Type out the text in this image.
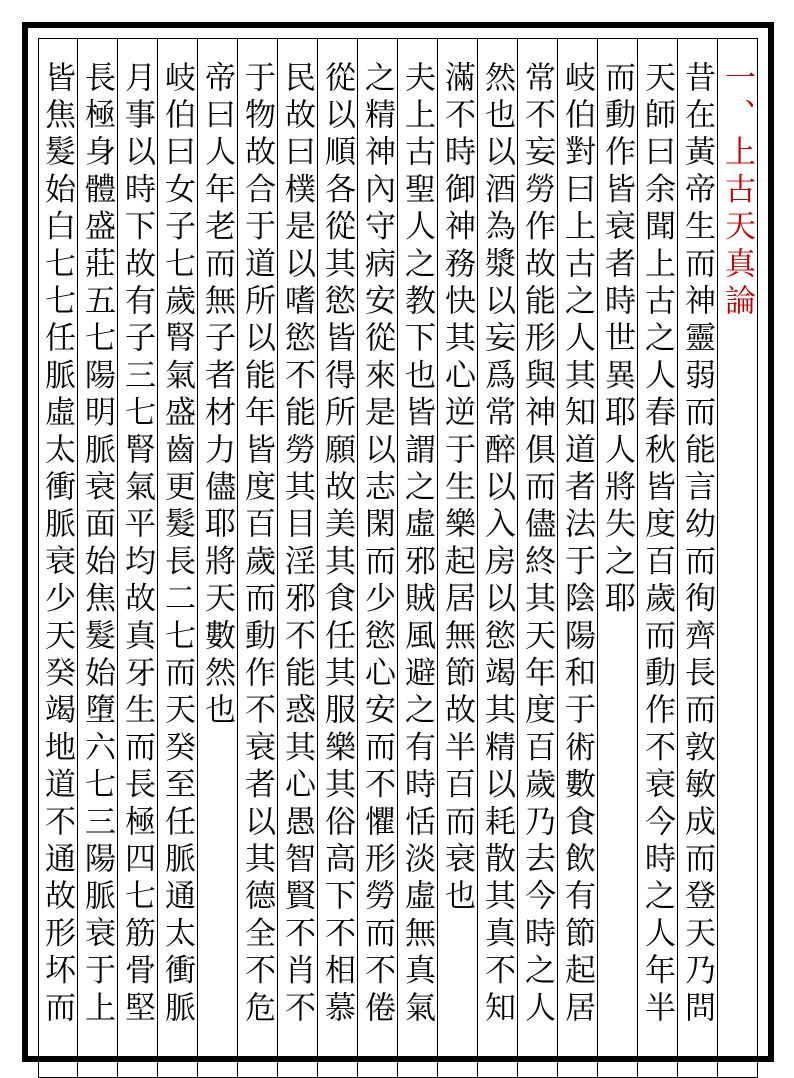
一、上古天真論
昔在黃帝生而神靈弱而能言幼而徇齊長而敦敏成而登天乃問
天師曰余聞上古之人春秋皆度百歲而動作不衰今時之人年半
而動作皆衰者時世異耶人將失之耶
岐伯對曰上古之人其知道者法于陰陽和于術數食飲有節起居
常不妄勞作故能形與神俱而儘終其天年度百歲乃去今時之人
然也以酒為漿以妄爲常醉以入房以慾竭其精以耗散其真不知
滿不時御神務快其心逆于生樂起居無節故半百而衰也
夫上古聖人之教下也皆謂之虛邪賊風避之有時恬淡虛無真氣
之精神內守病安從來是以志閑而少慾心安而不懼形勞而不倦
從以順各從其慾皆得所願故美其食任其服樂其俗高下不相慕
民故曰樸是以嗜慾不能勞其目淫邪不能惑其心愚智賢不肖不
于物故合于道所以能年皆度百歲而動作不衰者以其德全不危
帝曰人年老而無子者材力儘耶將天數然也
岐伯曰女子七歲腎氣盛齒更髮長二七而天癸至任脈通太衝脈
月事以時下故有子三七腎氣平均故真牙生而長極四七筋骨堅
長極身體盛莊五七陽明脈衰面始焦髮始墮六七三陽脈衰于上
皆焦髮始白七七任脈虛太衝脈衰少天癸竭地道不通故形坏而
